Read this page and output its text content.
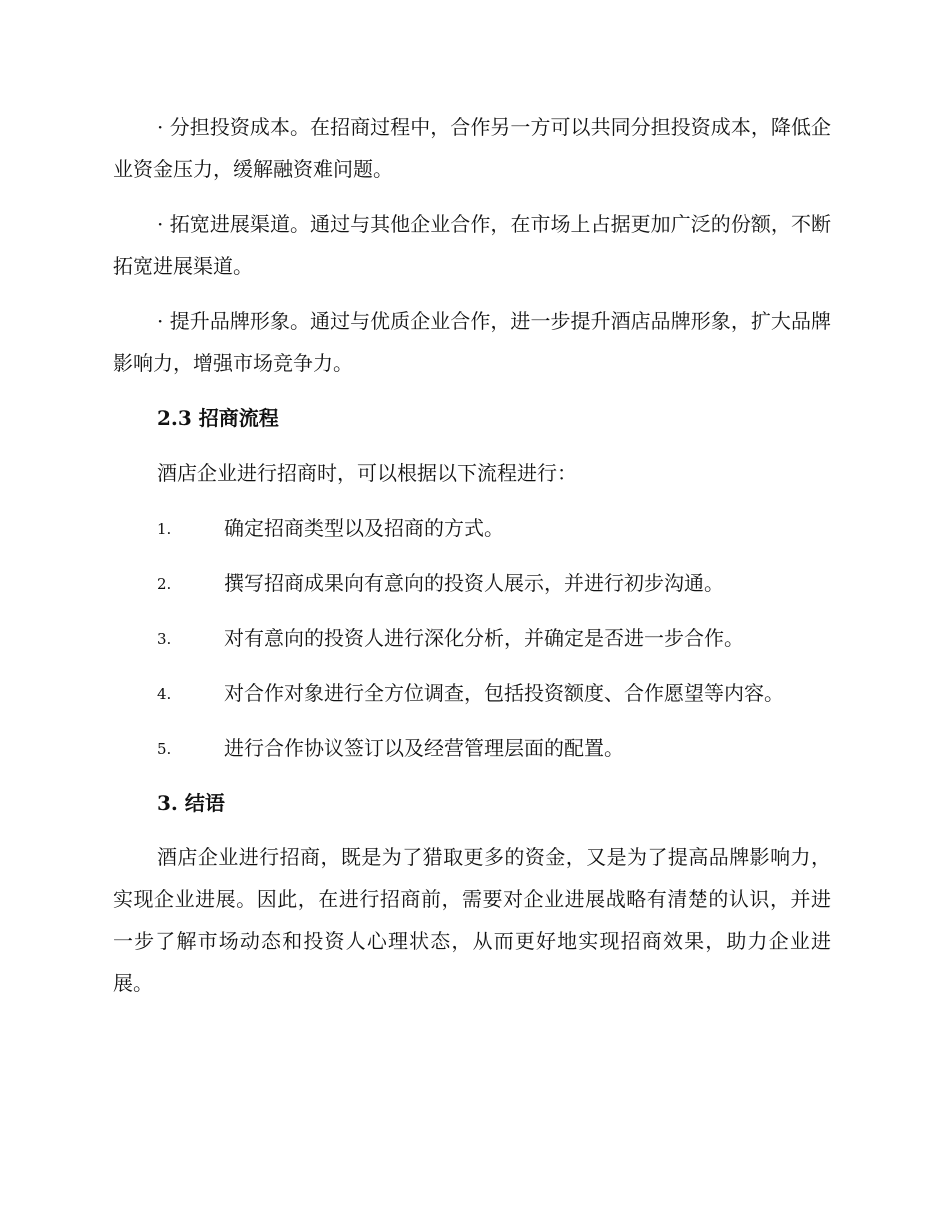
· 分担投资成本。在招商过程中，合作另一方可以共同分担投资成本，降低企业资金压力，缓解融资难问题。

· 拓宽进展渠道。通过与其他企业合作，在市场上占据更加广泛的份额，不断拓宽进展渠道。

· 提升品牌形象。通过与优质企业合作，进一步提升酒店品牌形象，扩大品牌影响力，增强市场竞争力。

2.3 招商流程

酒店企业进行招商时，可以根据以下流程进行：

1.	确定招商类型以及招商的方式。
2.	撰写招商成果向有意向的投资人展示，并进行初步沟通。
3.	对有意向的投资人进行深化分析，并确定是否进一步合作。
4.	对合作对象进行全方位调查，包括投资额度、合作愿望等内容。
5.	进行合作协议签订以及经营管理层面的配置。
3. 结语

酒店企业进行招商，既是为了猎取更多的资金，又是为了提高品牌影响力，实现企业进展。因此，在进行招商前，需要对企业进展战略有清楚的认识，并进一步了解市场动态和投资人心理状态，从而更好地实现招商效果，助力企业进展。
